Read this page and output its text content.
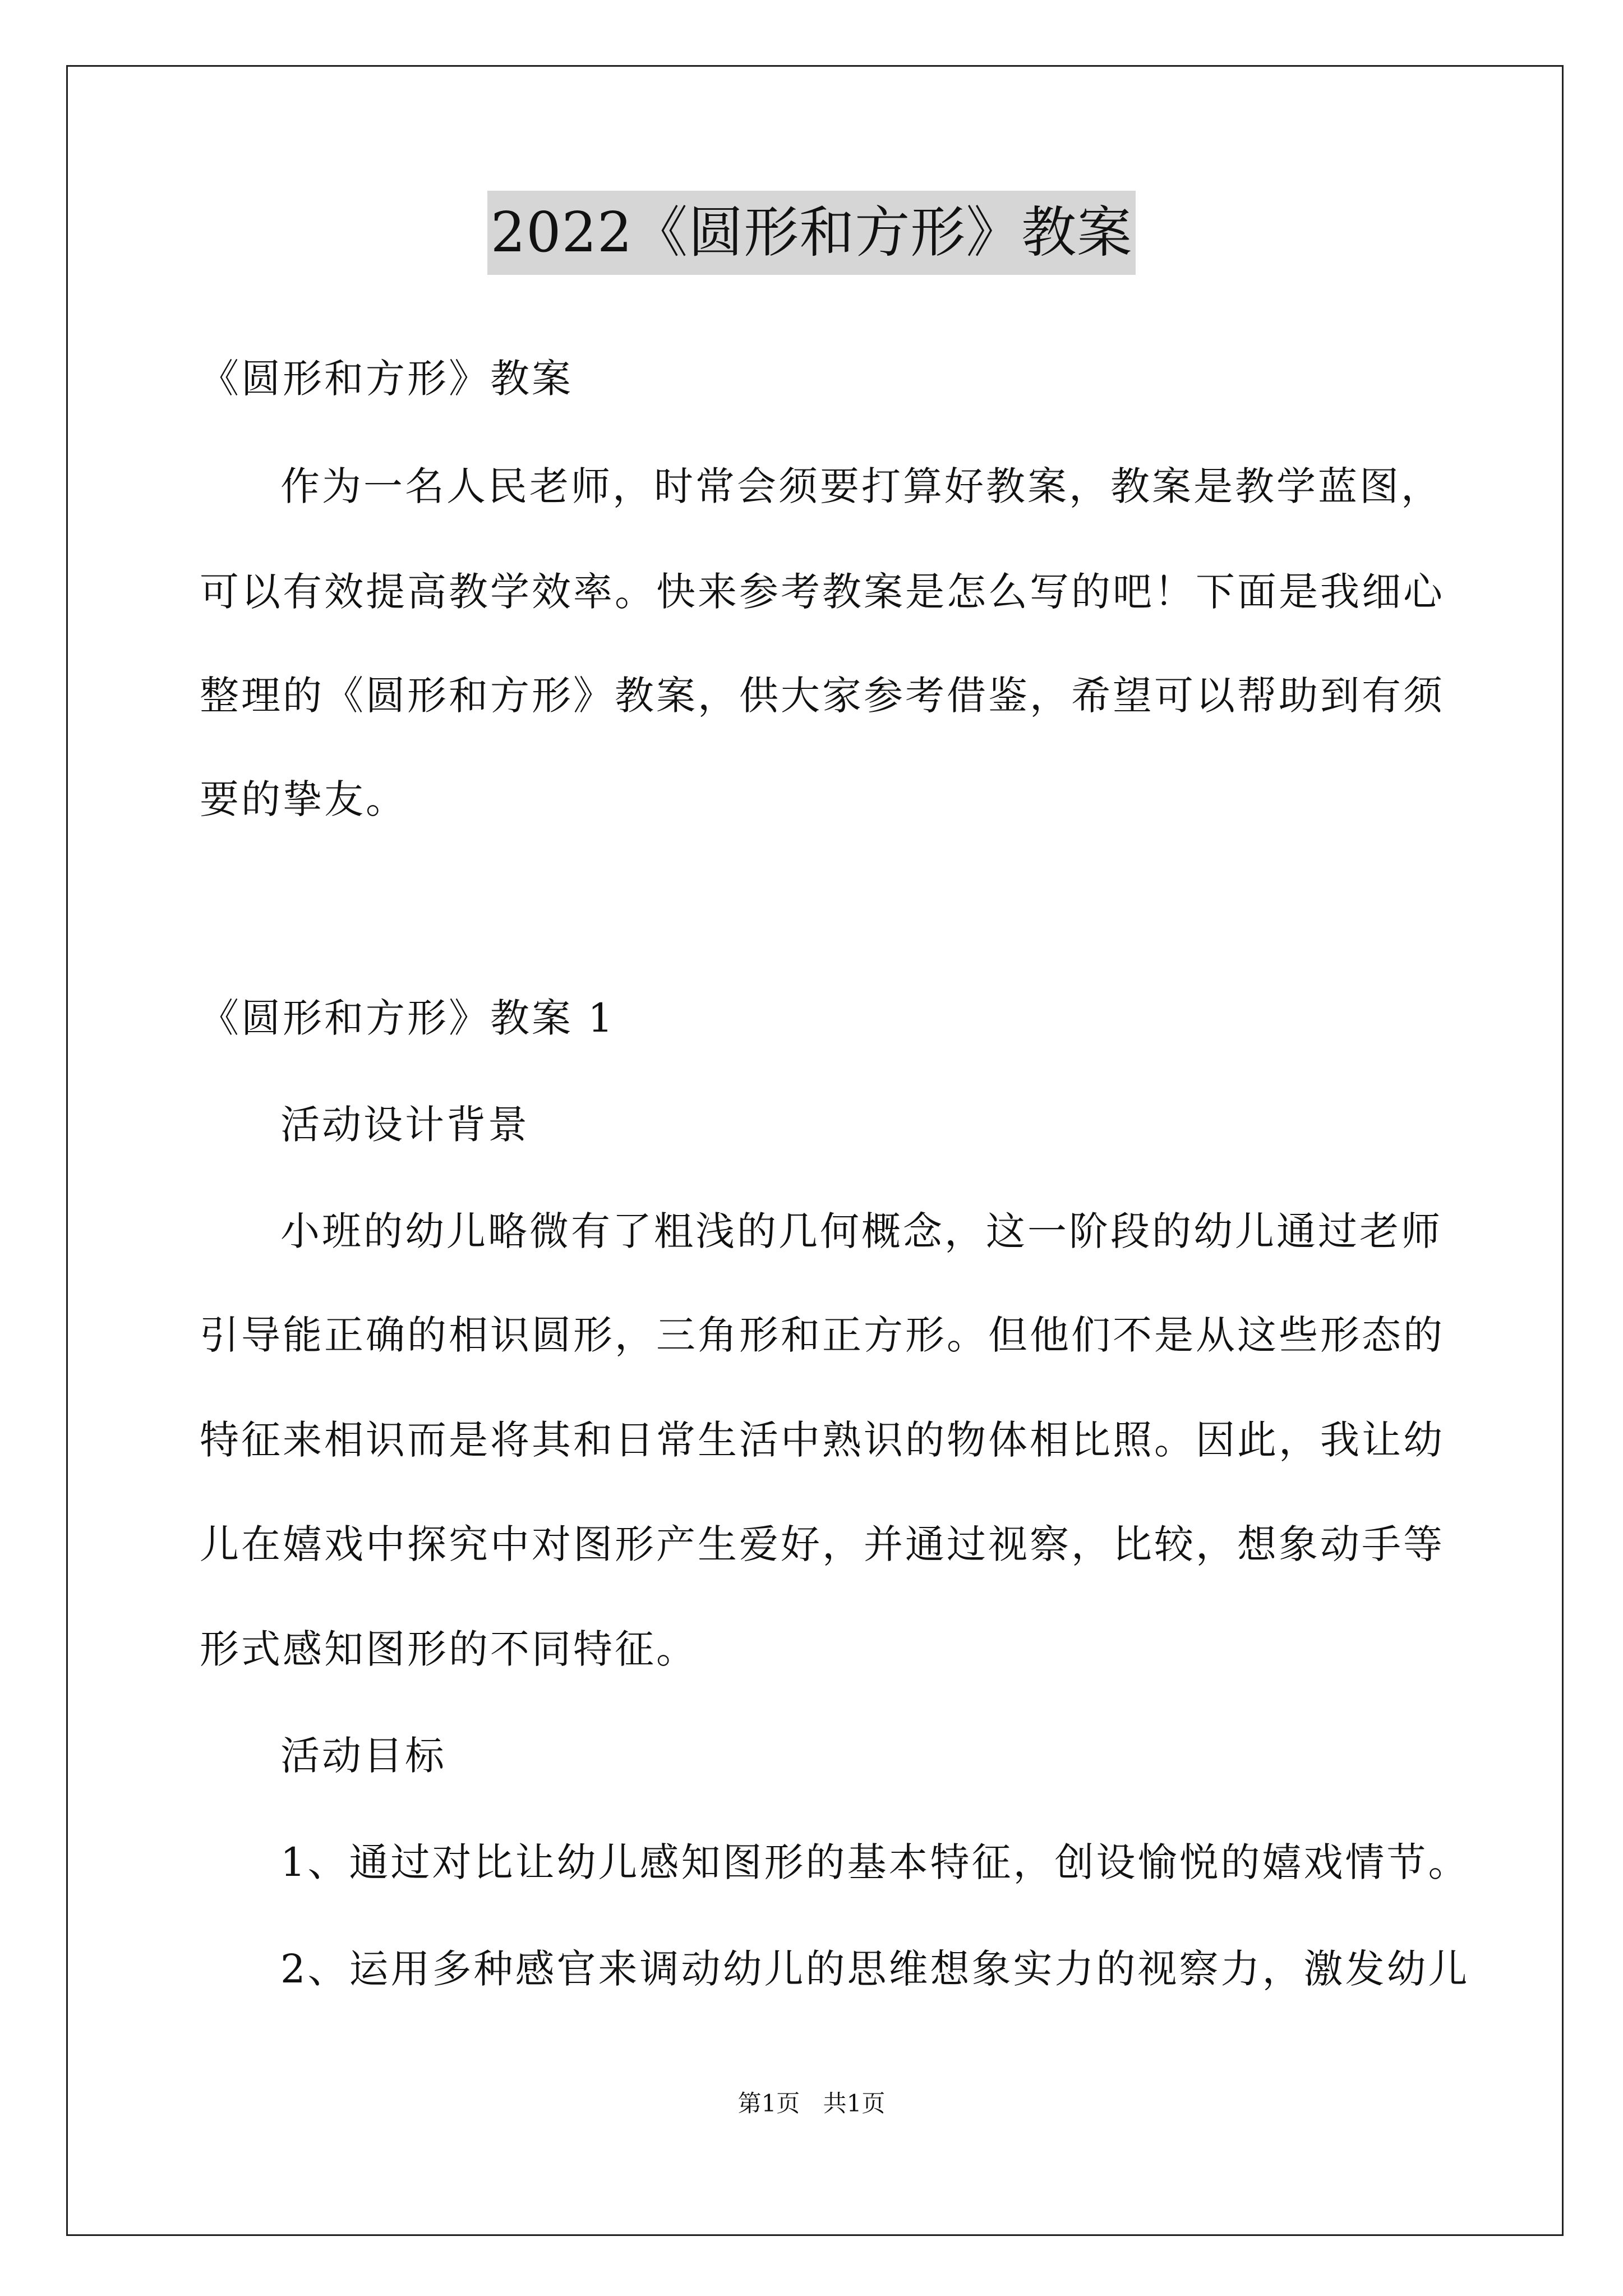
2022《圆形和方形》教案
《圆形和方形》教案
作为一名人民老师，时常会须要打算好教案，教案是教学蓝图，
可以有效提高教学效率。快来参考教案是怎么写的吧！下面是我细心
整理的《圆形和方形》教案，供大家参考借鉴，希望可以帮助到有须
要的挚友。
《圆形和方形》教案 1
活动设计背景
小班的幼儿略微有了粗浅的几何概念，这一阶段的幼儿通过老师
引导能正确的相识圆形，三角形和正方形。但他们不是从这些形态的
特征来相识而是将其和日常生活中熟识的物体相比照。因此，我让幼
儿在嬉戏中探究中对图形产生爱好，并通过视察，比较，想象动手等
形式感知图形的不同特征。
活动目标
1、通过对比让幼儿感知图形的基本特征，创设愉悦的嬉戏情节。
2、运用多种感官来调动幼儿的思维想象实力的视察力，激发幼儿
第1页 共1页
